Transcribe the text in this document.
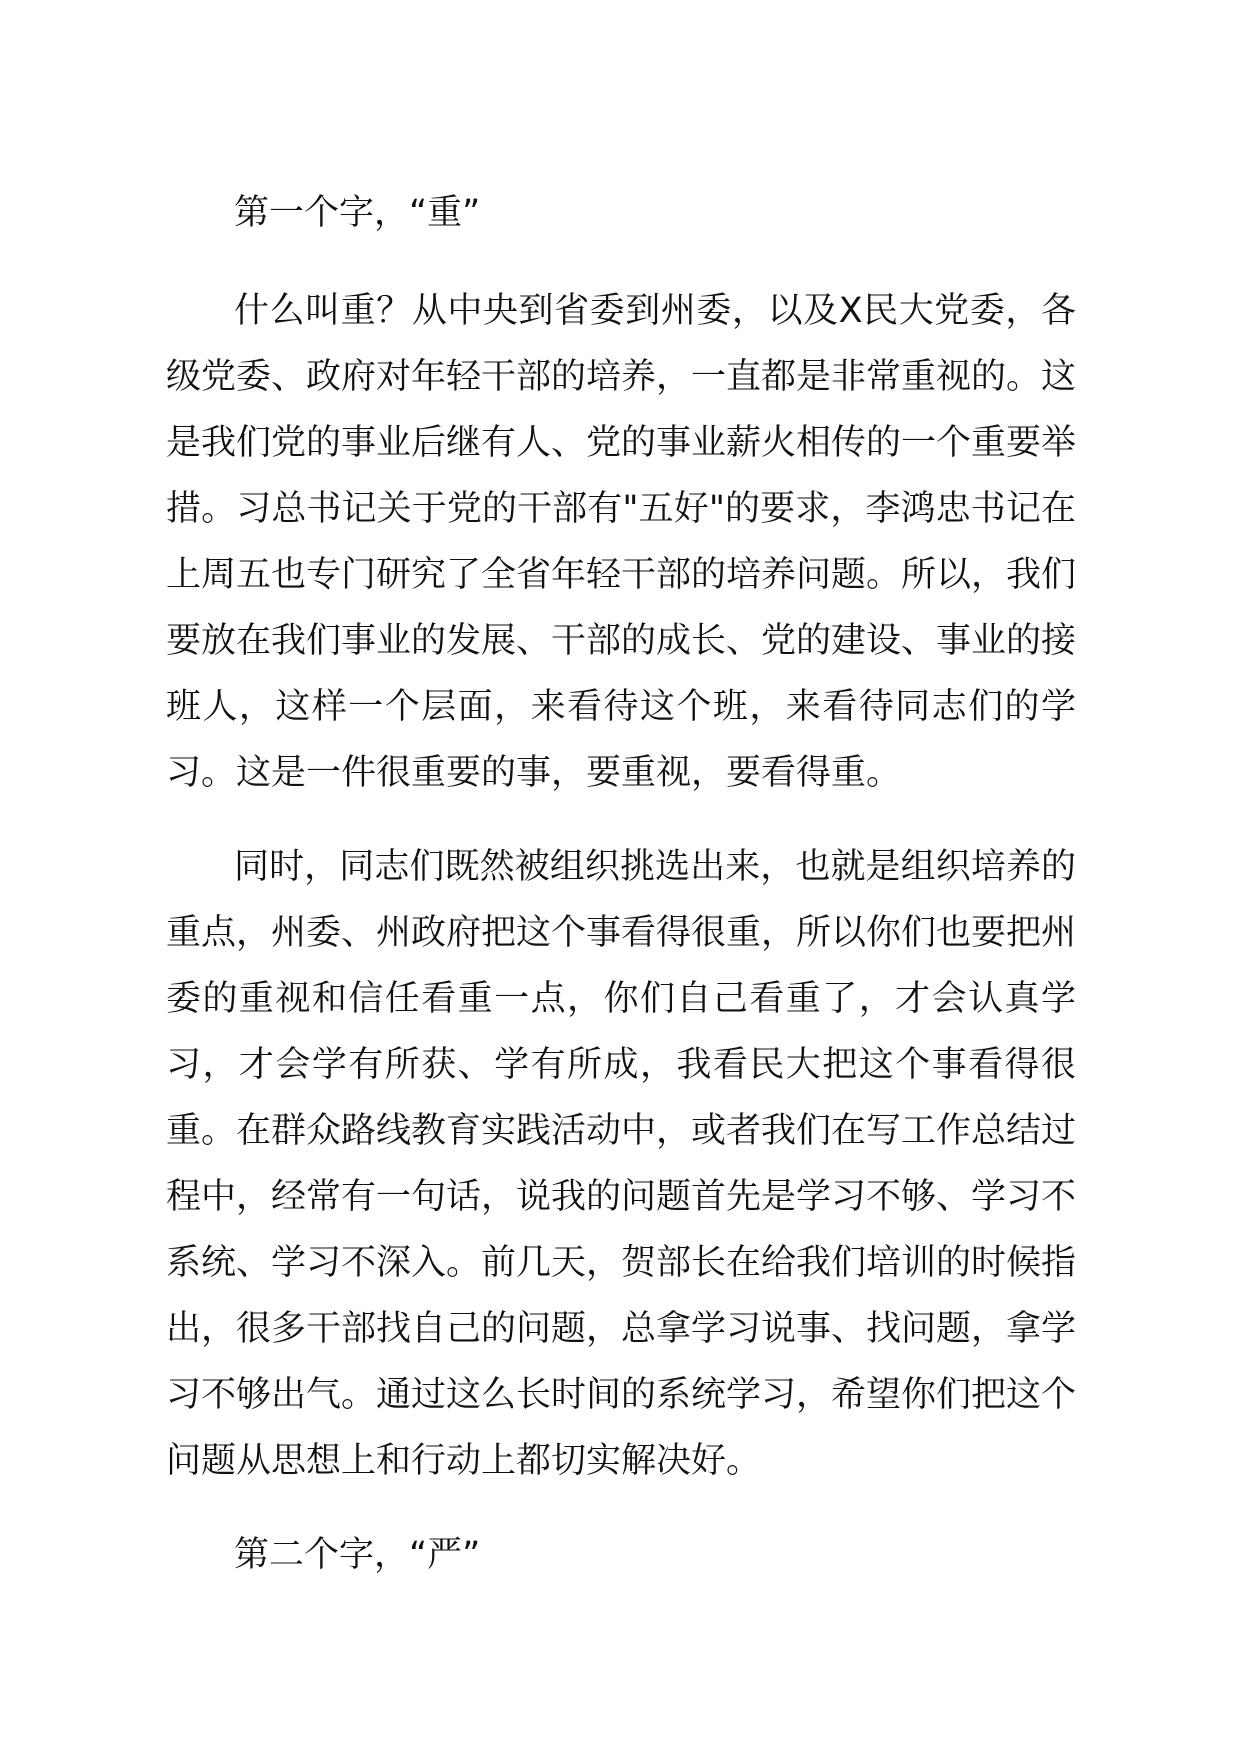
第一个字，“重”

什么叫重？从中央到省委到州委，以及X民大党委，各级党委、政府对年轻干部的培养，一直都是非常重视的。这是我们党的事业后继有人、党的事业薪火相传的一个重要举措。习总书记关于党的干部有"五好"的要求，李鸿忠书记在上周五也专门研究了全省年轻干部的培养问题。所以，我们要放在我们事业的发展、干部的成长、党的建设、事业的接班人，这样一个层面，来看待这个班，来看待同志们的学习。这是一件很重要的事，要重视，要看得重。

同时，同志们既然被组织挑选出来，也就是组织培养的重点，州委、州政府把这个事看得很重，所以你们也要把州委的重视和信任看重一点，你们自己看重了，才会认真学习，才会学有所获、学有所成，我看民大把这个事看得很重。在群众路线教育实践活动中，或者我们在写工作总结过程中，经常有一句话，说我的问题首先是学习不够、学习不系统、学习不深入。前几天，贺部长在给我们培训的时候指出，很多干部找自己的问题，总拿学习说事、找问题，拿学习不够出气。通过这么长时间的系统学习，希望你们把这个问题从思想上和行动上都切实解决好。

第二个字，“严”
